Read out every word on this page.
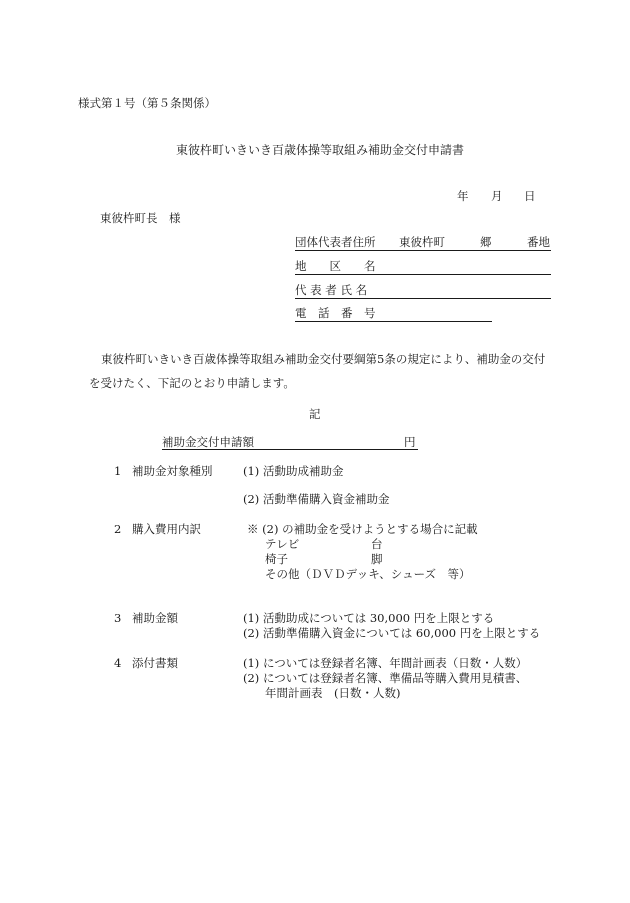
様式第１号（第５条関係）
東彼杵町いきいき百歳体操等取組み補助金交付申請書
年 月 日
東彼杵町長　様
団体代表者住所 東彼杵町	郷	番地
地　　区　　名
代 表 者 氏 名
電　話　番　号
東彼杵町いきいき百歳体操等取組み補助金交付要綱第5条の規定により、補助金の交付
を受けたく、下記のとおり申請します。
記
補助金交付申請額	円
1 補助金対象種別	(1) 活動助成補助金
(2) 活動準備購入資金補助金
2 購入費用内訳	※ (2) の補助金を受けようとする場合に記載
テレビ	台
椅子	脚
その他（ＤＶＤデッキ、シューズ　等）
3 補助金額	(1) 活動助成については 30,000 円を上限とする
(2) 活動準備購入資金については 60,000 円を上限とする
4 添付書類	(1) については登録者名簿、年間計画表（日数・人数）
(2) については登録者名簿、準備品等購入費用見積書、
年間計画表　(日数・人数)
